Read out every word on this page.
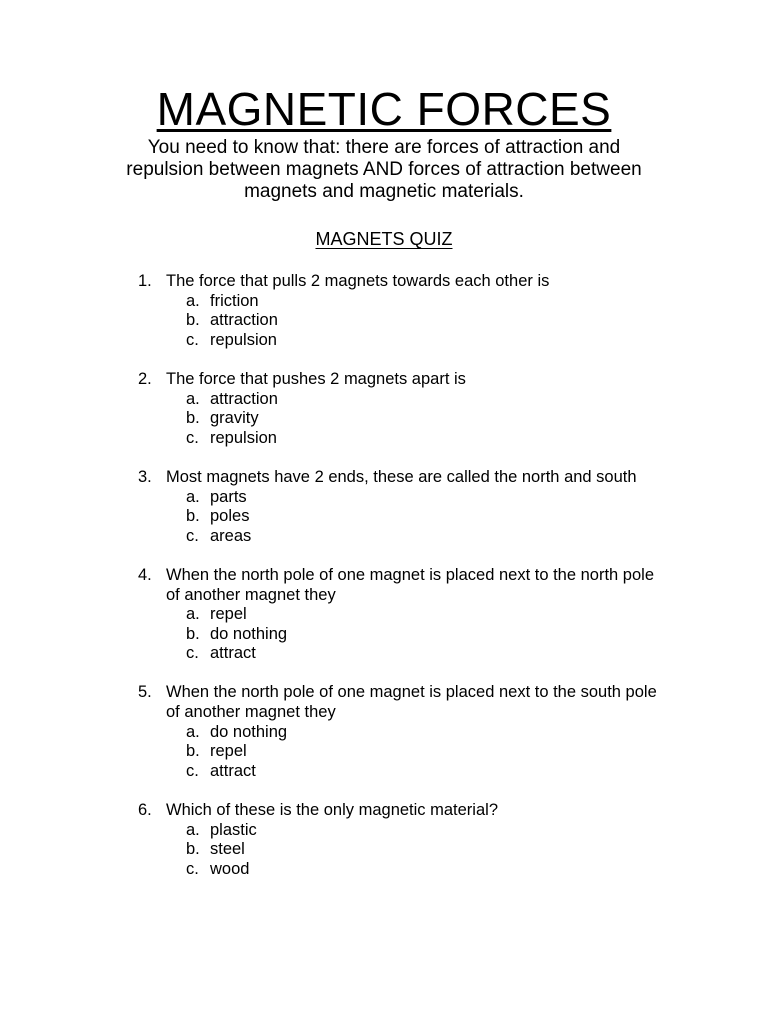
MAGNETIC FORCES
You need to know that: there are forces of attraction and repulsion between magnets AND forces of attraction between magnets and magnetic materials.
MAGNETS QUIZ
1. The force that pulls 2 magnets towards each other is
a. friction
b. attraction
c. repulsion
2. The force that pushes 2 magnets apart is
a. attraction
b. gravity
c. repulsion
3. Most magnets have 2 ends, these are called the north and south
a. parts
b. poles
c. areas
4. When the north pole of one magnet is placed next to the north pole of another magnet they
a. repel
b. do nothing
c. attract
5. When the north pole of one magnet is placed next to the south pole of another magnet they
a. do nothing
b. repel
c. attract
6. Which of these is the only magnetic material?
a. plastic
b. steel
c. wood
